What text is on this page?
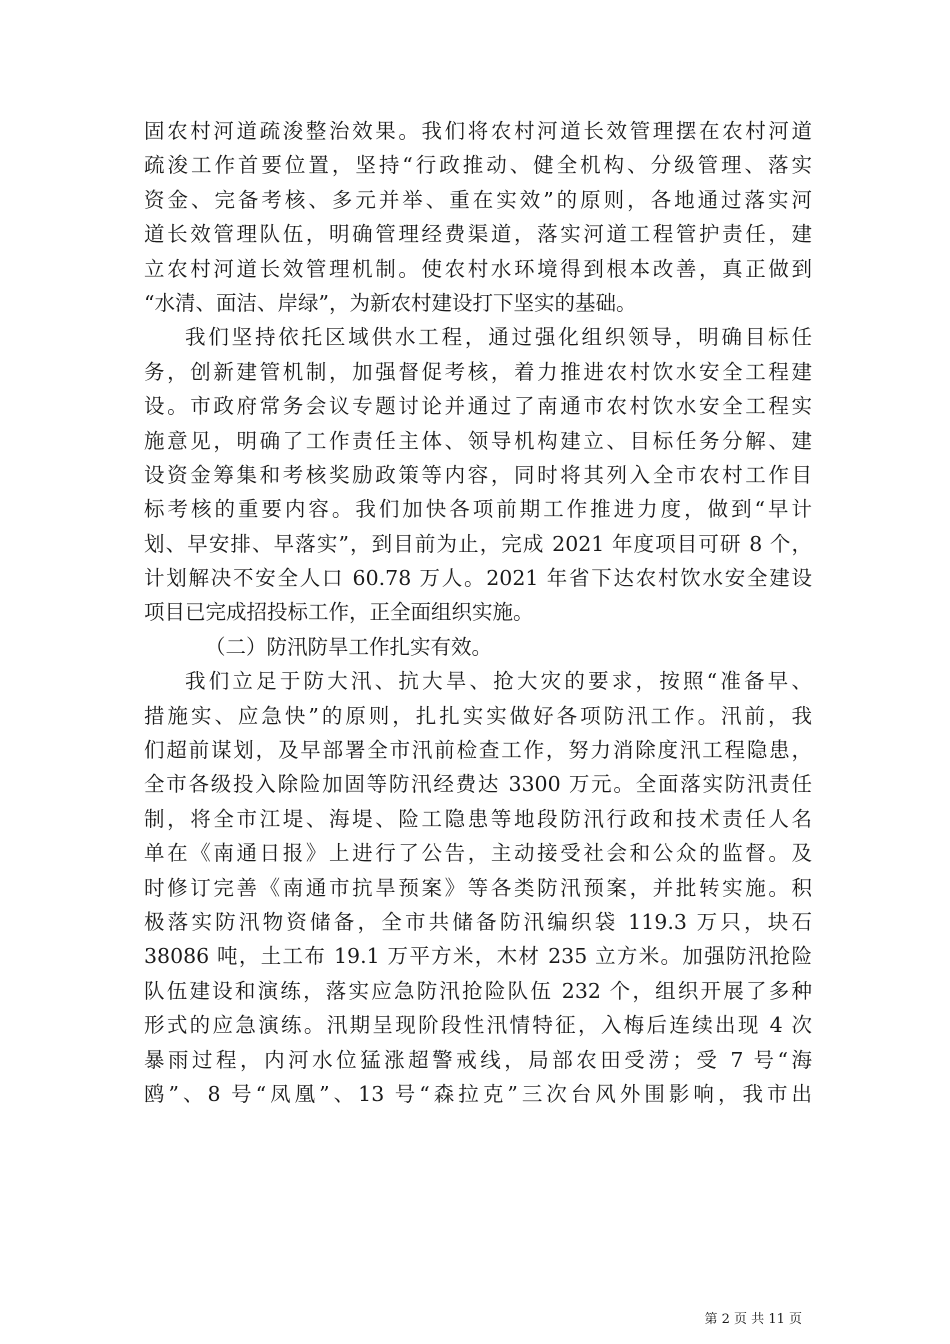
固农村河道疏浚整治效果。我们将农村河道长效管理摆在农村河道
疏浚工作首要位置，坚持“行政推动、健全机构、分级管理、落实
资金、完备考核、多元并举、重在实效”的原则，各地通过落实河
道长效管理队伍，明确管理经费渠道，落实河道工程管护责任，建
立农村河道长效管理机制。使农村水环境得到根本改善，真正做到
“水清、面洁、岸绿”，为新农村建设打下坚实的基础。
我们坚持依托区域供水工程，通过强化组织领导，明确目标任
务，创新建管机制，加强督促考核，着力推进农村饮水安全工程建
设。市政府常务会议专题讨论并通过了南通市农村饮水安全工程实
施意见，明确了工作责任主体、领导机构建立、目标任务分解、建
设资金筹集和考核奖励政策等内容，同时将其列入全市农村工作目
标考核的重要内容。我们加快各项前期工作推进力度，做到“早计
划、早安排、早落实”，到目前为止，完成 2021 年度项目可研 8 个，
计划解决不安全人口 60.78 万人。2021 年省下达农村饮水安全建设
项目已完成招投标工作，正全面组织实施。
（二）防汛防旱工作扎实有效。
我们立足于防大汛、抗大旱、抢大灾的要求，按照“准备早、
措施实、应急快”的原则，扎扎实实做好各项防汛工作。汛前，我
们超前谋划，及早部署全市汛前检查工作，努力消除度汛工程隐患，
全市各级投入除险加固等防汛经费达 3300 万元。全面落实防汛责任
制，将全市江堤、海堤、险工隐患等地段防汛行政和技术责任人名
单在《南通日报》上进行了公告，主动接受社会和公众的监督。及
时修订完善《南通市抗旱预案》等各类防汛预案，并批转实施。积
极落实防汛物资储备，全市共储备防汛编织袋 119.3 万只，块石
38086 吨，土工布 19.1 万平方米，木材 235 立方米。加强防汛抢险
队伍建设和演练，落实应急防汛抢险队伍 232 个，组织开展了多种
形式的应急演练。汛期呈现阶段性汛情特征，入梅后连续出现 4 次
暴雨过程，内河水位猛涨超警戒线，局部农田受涝；受 7 号“海
鸥”、8 号“凤凰”、13 号“森拉克”三次台风外围影响，我市出
第 2 页 共 11 页
